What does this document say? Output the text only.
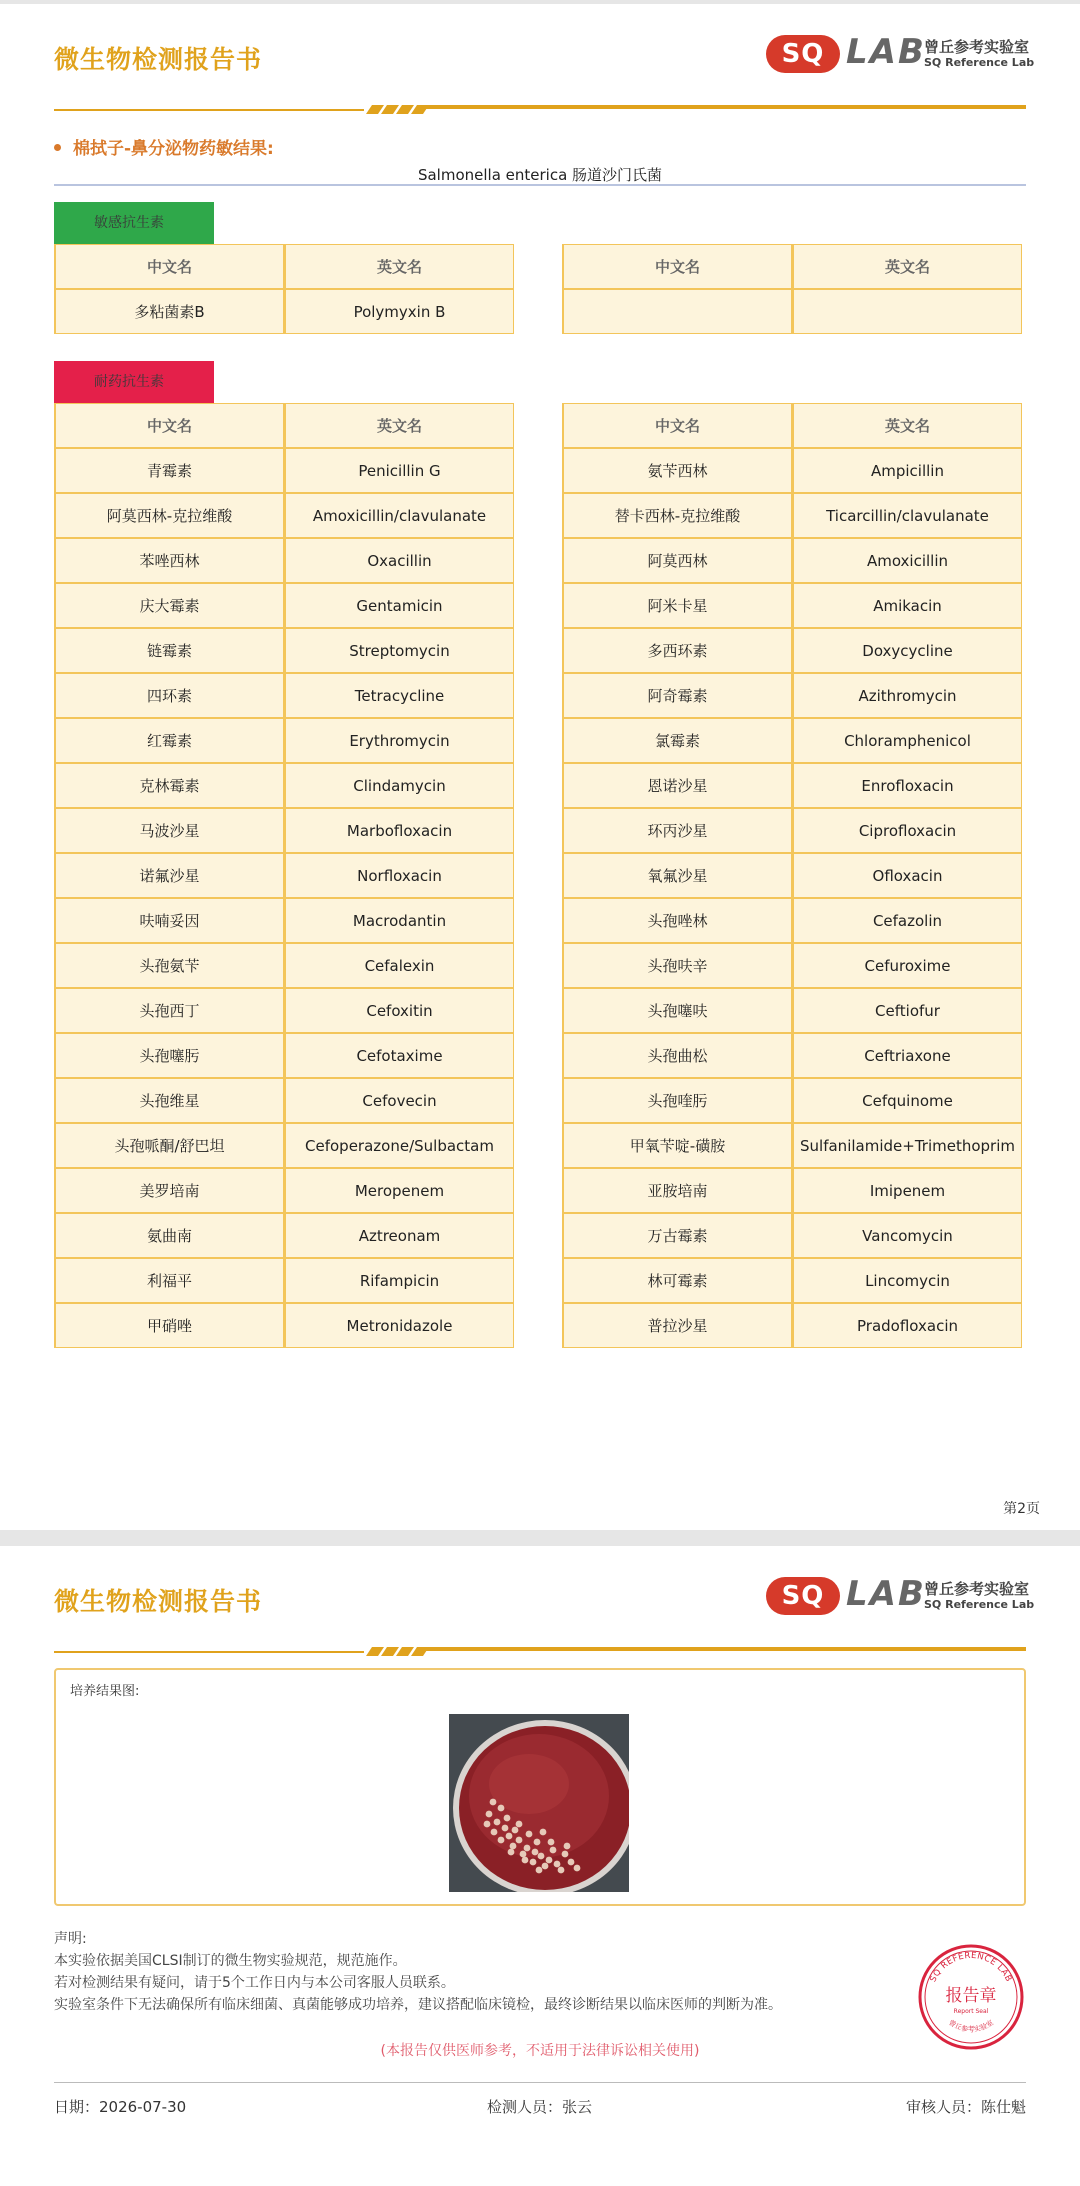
微生物检测报告书	SQ LAB
曾丘参考实验室
SQ Reference Lab
棉拭子-鼻分泌物药敏结果:
Salmonella enterica 肠道沙门氏菌
敏感抗生素
中文名	英文名
多粘菌素B	Polymyxin B
中文名	英文名

耐药抗生素
中文名	英文名
青霉素	Penicillin G
阿莫西林-克拉维酸	Amoxicillin/clavulanate
苯唑西林	Oxacillin
庆大霉素	Gentamicin
链霉素	Streptomycin
四环素	Tetracycline
红霉素	Erythromycin
克林霉素	Clindamycin
马波沙星	Marbofloxacin
诺氟沙星	Norfloxacin
呋喃妥因	Macrodantin
头孢氨苄	Cefalexin
头孢西丁	Cefoxitin
头孢噻肟	Cefotaxime
头孢维星	Cefovecin
头孢哌酮/舒巴坦	Cefoperazone/Sulbactam
美罗培南	Meropenem
氨曲南	Aztreonam
利福平	Rifampicin
甲硝唑	Metronidazole
中文名	英文名
氨苄西林	Ampicillin
替卡西林-克拉维酸	Ticarcillin/clavulanate
阿莫西林	Amoxicillin
阿米卡星	Amikacin
多西环素	Doxycycline
阿奇霉素	Azithromycin
氯霉素	Chloramphenicol
恩诺沙星	Enrofloxacin
环丙沙星	Ciprofloxacin
氧氟沙星	Ofloxacin
头孢唑林	Cefazolin
头孢呋辛	Cefuroxime
头孢噻呋	Ceftiofur
头孢曲松	Ceftriaxone
头孢喹肟	Cefquinome
甲氧苄啶-磺胺	Sulfanilamide+Trimethoprim
亚胺培南	Imipenem
万古霉素	Vancomycin
林可霉素	Lincomycin
普拉沙星	Pradofloxacin
第2页
微生物检测报告书	SQ LAB
曾丘参考实验室
SQ Reference Lab
培养结果图:
声明:
本实验依据美国CLSI制订的微生物实验规范，规范施作。
若对检测结果有疑问，请于5个工作日内与本公司客服人员联系。
实验室条件下无法确保所有临床细菌、真菌能够成功培养，建议搭配临床镜检，最终诊断结果以临床医师的判断为准。
SQ REFERENCE LAB
报告章
Report Seal
曾丘参考实验室
(本报告仅供医师参考，不适用于法律诉讼相关使用)
日期：2026-07-30	检测人员：张云	审核人员：陈仕魁
